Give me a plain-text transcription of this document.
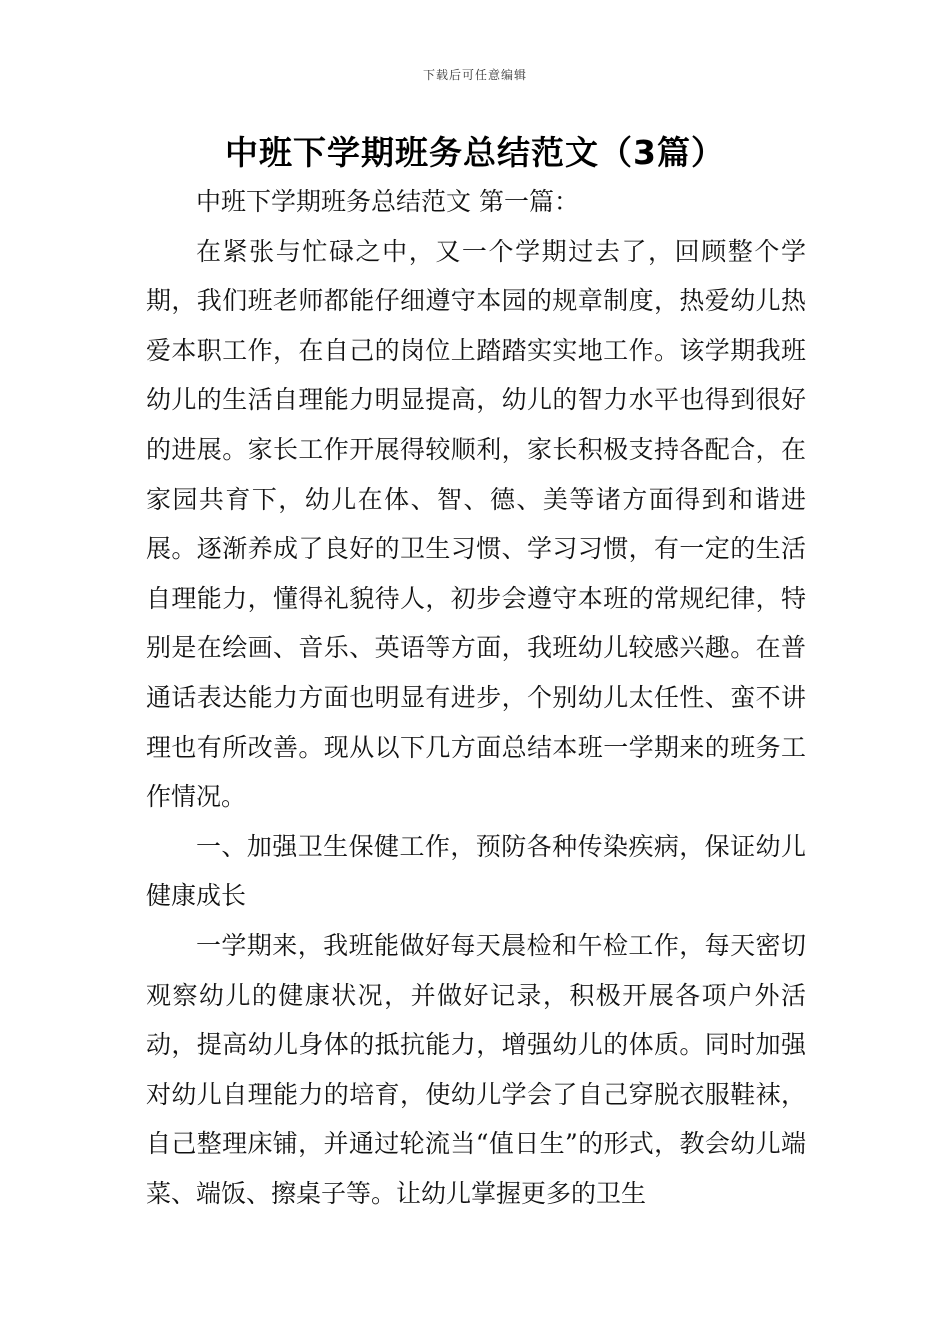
下载后可任意编辑
中班下学期班务总结范文（3篇）

中班下学期班务总结范文 第一篇：

在紧张与忙碌之中，又一个学期过去了，回顾整个学期，我们班老师都能仔细遵守本园的规章制度，热爱幼儿热爱本职工作，在自己的岗位上踏踏实实地工作。该学期我班幼儿的生活自理能力明显提高，幼儿的智力水平也得到很好的进展。家长工作开展得较顺利，家长积极支持各配合，在家园共育下，幼儿在体、智、德、美等诸方面得到和谐进展。逐渐养成了良好的卫生习惯、学习习惯，有一定的生活自理能力，懂得礼貌待人，初步会遵守本班的常规纪律，特别是在绘画、音乐、英语等方面，我班幼儿较感兴趣。在普通话表达能力方面也明显有进步，个别幼儿太任性、蛮不讲理也有所改善。现从以下几方面总结本班一学期来的班务工作情况。

一、加强卫生保健工作，预防各种传染疾病，保证幼儿健康成长

一学期来，我班能做好每天晨检和午检工作，每天密切观察幼儿的健康状况，并做好记录，积极开展各项户外活动，提高幼儿身体的抵抗能力，增强幼儿的体质。同时加强对幼儿自理能力的培育，使幼儿学会了自己穿脱衣服鞋袜，自己整理床铺，并通过轮流当“值日生”的形式，教会幼儿端菜、端饭、擦桌子等。让幼儿掌握更多的卫生
